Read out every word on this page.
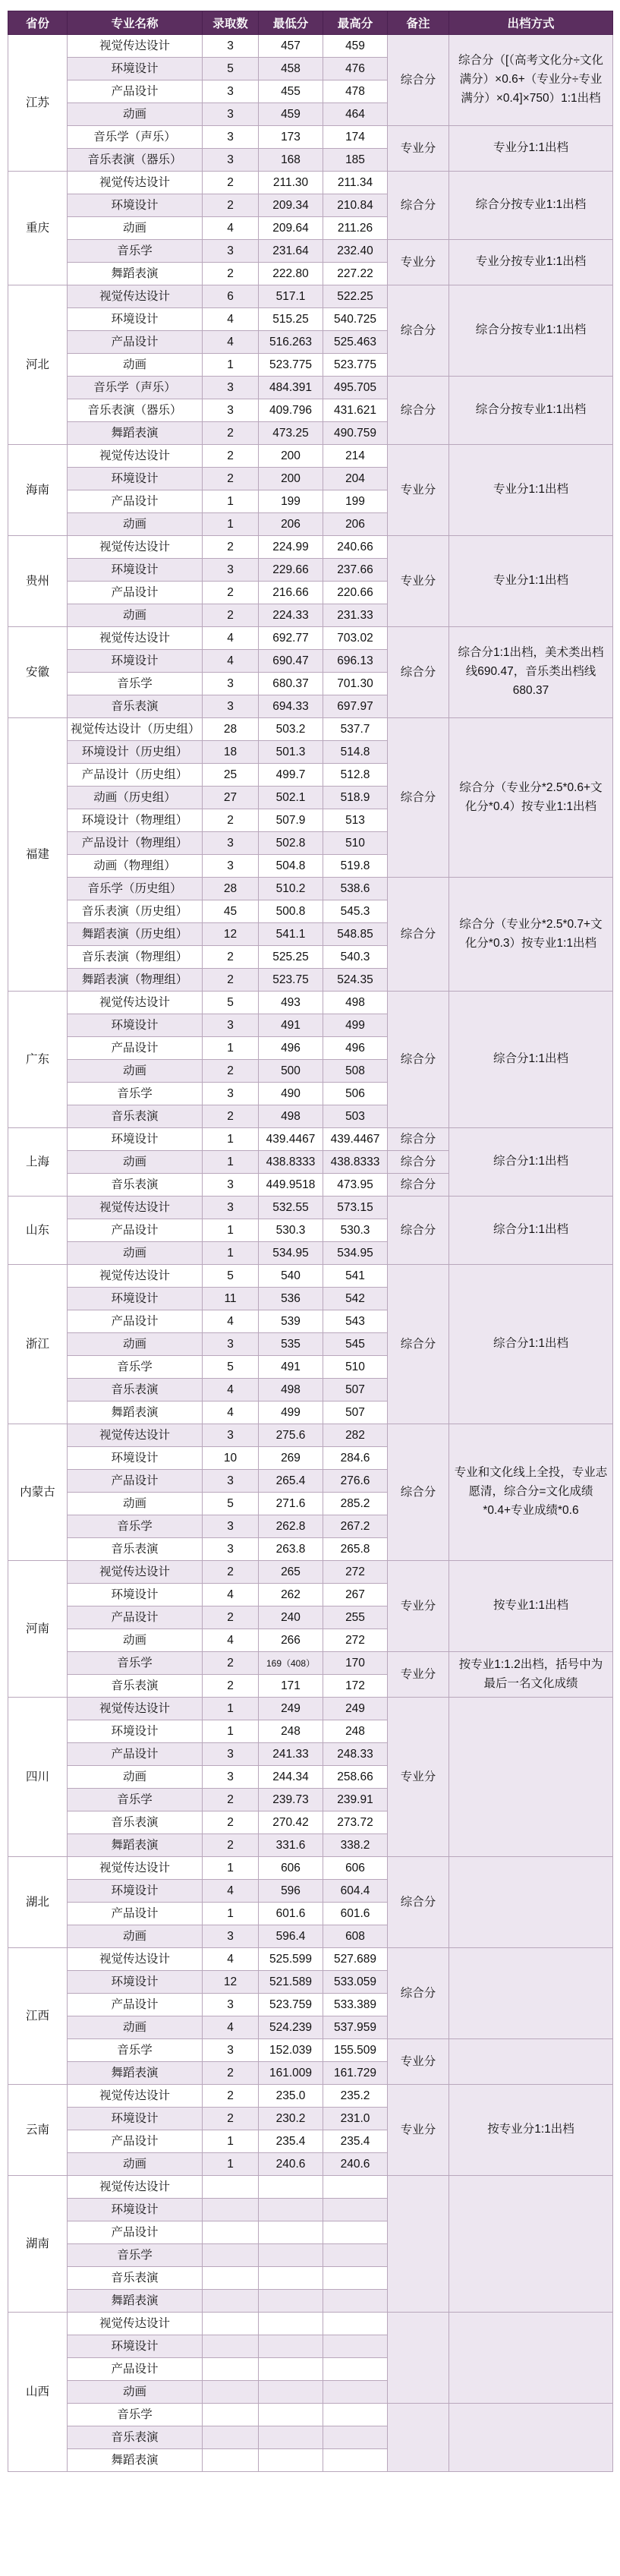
省份	专业名称	录取数	最低分	最高分	备注	出档方式
江苏	视觉传达设计	3	457	459	综合分	综合分（[（高考文化分÷文化满分）×0.6+（专业分÷专业满分）×0.4]×750）1:1出档
	环境设计	5	458	476		
	产品设计	3	455	478		
	动画	3	459	464		
	音乐学（声乐）	3	173	174	专业分	专业分1:1出档
	音乐表演（器乐）	3	168	185		
重庆	视觉传达设计	2	211.30	211.34	综合分	综合分按专业1:1出档
	环境设计	2	209.34	210.84		
	动画	4	209.64	211.26		
	音乐学	3	231.64	232.40	专业分	专业分按专业1:1出档
	舞蹈表演	2	222.80	227.22		
河北	视觉传达设计	6	517.1	522.25	综合分	综合分按专业1:1出档
	环境设计	4	515.25	540.725		
	产品设计	4	516.263	525.463		
	动画	1	523.775	523.775		
	音乐学（声乐）	3	484.391	495.705	综合分	综合分按专业1:1出档
	音乐表演（器乐）	3	409.796	431.621		
	舞蹈表演	2	473.25	490.759		
海南	视觉传达设计	2	200	214	专业分	专业分1:1出档
	环境设计	2	200	204		
	产品设计	1	199	199		
	动画	1	206	206		
贵州	视觉传达设计	2	224.99	240.66	专业分	专业分1:1出档
	环境设计	3	229.66	237.66		
	产品设计	2	216.66	220.66		
	动画	2	224.33	231.33		
安徽	视觉传达设计	4	692.77	703.02	综合分	综合分1:1出档，美术类出档线690.47，音乐类出档线680.37
	环境设计	4	690.47	696.13		
	音乐学	3	680.37	701.30		
	音乐表演	3	694.33	697.97		
福建	视觉传达设计（历史组）	28	503.2	537.7	综合分	综合分（专业分*2.5*0.6+文化分*0.4）按专业1:1出档
	环境设计（历史组）	18	501.3	514.8		
	产品设计（历史组）	25	499.7	512.8		
	动画（历史组）	27	502.1	518.9		
	环境设计（物理组）	2	507.9	513		
	产品设计（物理组）	3	502.8	510		
	动画（物理组）	3	504.8	519.8		
	音乐学（历史组）	28	510.2	538.6	综合分	综合分（专业分*2.5*0.7+文化分*0.3）按专业1:1出档
	音乐表演（历史组）	45	500.8	545.3		
	舞蹈表演（历史组）	12	541.1	548.85		
	音乐表演（物理组）	2	525.25	540.3		
	舞蹈表演（物理组）	2	523.75	524.35		
广东	视觉传达设计	5	493	498	综合分	综合分1:1出档
	环境设计	3	491	499		
	产品设计	1	496	496		
	动画	2	500	508		
	音乐学	3	490	506		
	音乐表演	2	498	503		
上海	环境设计	1	439.4467	439.4467	综合分	综合分1:1出档
	动画	1	438.8333	438.8333	综合分	
	音乐表演	3	449.9518	473.95	综合分	
山东	视觉传达设计	3	532.55	573.15	综合分	综合分1:1出档
	产品设计	1	530.3	530.3		
	动画	1	534.95	534.95		
浙江	视觉传达设计	5	540	541	综合分	综合分1:1出档
	环境设计	11	536	542		
	产品设计	4	539	543		
	动画	3	535	545		
	音乐学	5	491	510		
	音乐表演	4	498	507		
	舞蹈表演	4	499	507		
内蒙古	视觉传达设计	3	275.6	282	综合分	专业和文化线上全投，专业志愿清，综合分=文化成绩*0.4+专业成绩*0.6
	环境设计	10	269	284.6		
	产品设计	3	265.4	276.6		
	动画	5	271.6	285.2		
	音乐学	3	262.8	267.2		
	音乐表演	3	263.8	265.8		
河南	视觉传达设计	2	265	272	专业分	按专业1:1出档
	环境设计	4	262	267		
	产品设计	2	240	255		
	动画	4	266	272		
	音乐学	2	169（408）	170	专业分	按专业1:1.2出档，括号中为最后一名文化成绩
	音乐表演	2	171	172		
四川	视觉传达设计	1	249	249	专业分	
	环境设计	1	248	248		
	产品设计	3	241.33	248.33		
	动画	3	244.34	258.66		
	音乐学	2	239.73	239.91		
	音乐表演	2	270.42	273.72		
	舞蹈表演	2	331.6	338.2		
湖北	视觉传达设计	1	606	606	综合分	
	环境设计	4	596	604.4		
	产品设计	1	601.6	601.6		
	动画	3	596.4	608		
江西	视觉传达设计	4	525.599	527.689	综合分	
	环境设计	12	521.589	533.059		
	产品设计	3	523.759	533.389		
	动画	4	524.239	537.959		
	音乐学	3	152.039	155.509	专业分	
	舞蹈表演	2	161.009	161.729		
云南	视觉传达设计	2	235.0	235.2	专业分	按专业分1:1出档
	环境设计	2	230.2	231.0		
	产品设计	1	235.4	235.4		
	动画	1	240.6	240.6		
湖南	视觉传达设计					
	环境设计					
	产品设计					
	音乐学					
	音乐表演					
	舞蹈表演					
山西	视觉传达设计					
	环境设计					
	产品设计					
	动画					
	音乐学					
	音乐表演					
	舞蹈表演					
